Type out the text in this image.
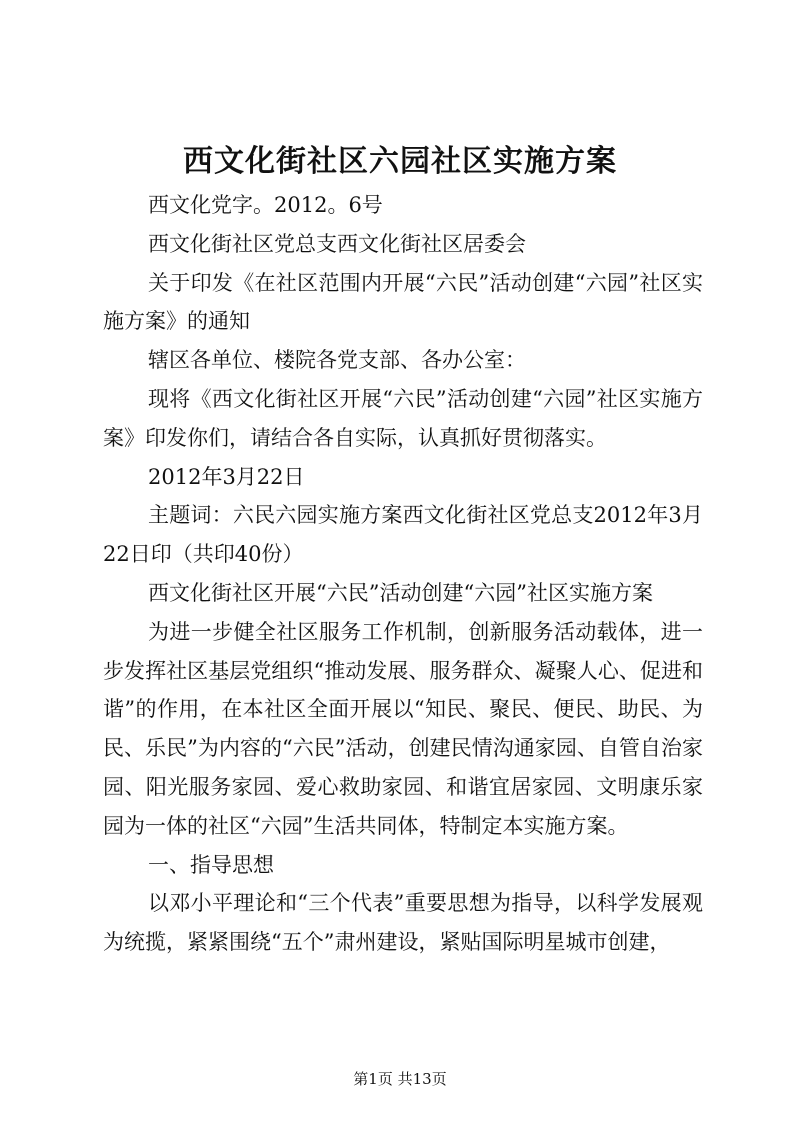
西文化街社区六园社区实施方案

西文化党字。2012。6号

西文化街社区党总支西文化街社区居委会

关于印发《在社区范围内开展“六民”活动创建“六园”社区实施方案》的通知

辖区各单位、楼院各党支部、各办公室：

现将《西文化街社区开展“六民”活动创建“六园”社区实施方案》印发你们，请结合各自实际，认真抓好贯彻落实。

2012年3月22日

主题词：六民六园实施方案西文化街社区党总支2012年3月22日印（共印40份）

西文化街社区开展“六民”活动创建“六园”社区实施方案

为进一步健全社区服务工作机制，创新服务活动载体，进一步发挥社区基层党组织“推动发展、服务群众、凝聚人心、促进和谐”的作用，在本社区全面开展以“知民、聚民、便民、助民、为民、乐民”为内容的“六民”活动，创建民情沟通家园、自管自治家园、阳光服务家园、爱心救助家园、和谐宜居家园、文明康乐家园为一体的社区“六园”生活共同体，特制定本实施方案。

一、指导思想

以邓小平理论和“三个代表”重要思想为指导，以科学发展观为统揽，紧紧围绕“五个”肃州建设，紧贴国际明星城市创建，

第1页 共13页
